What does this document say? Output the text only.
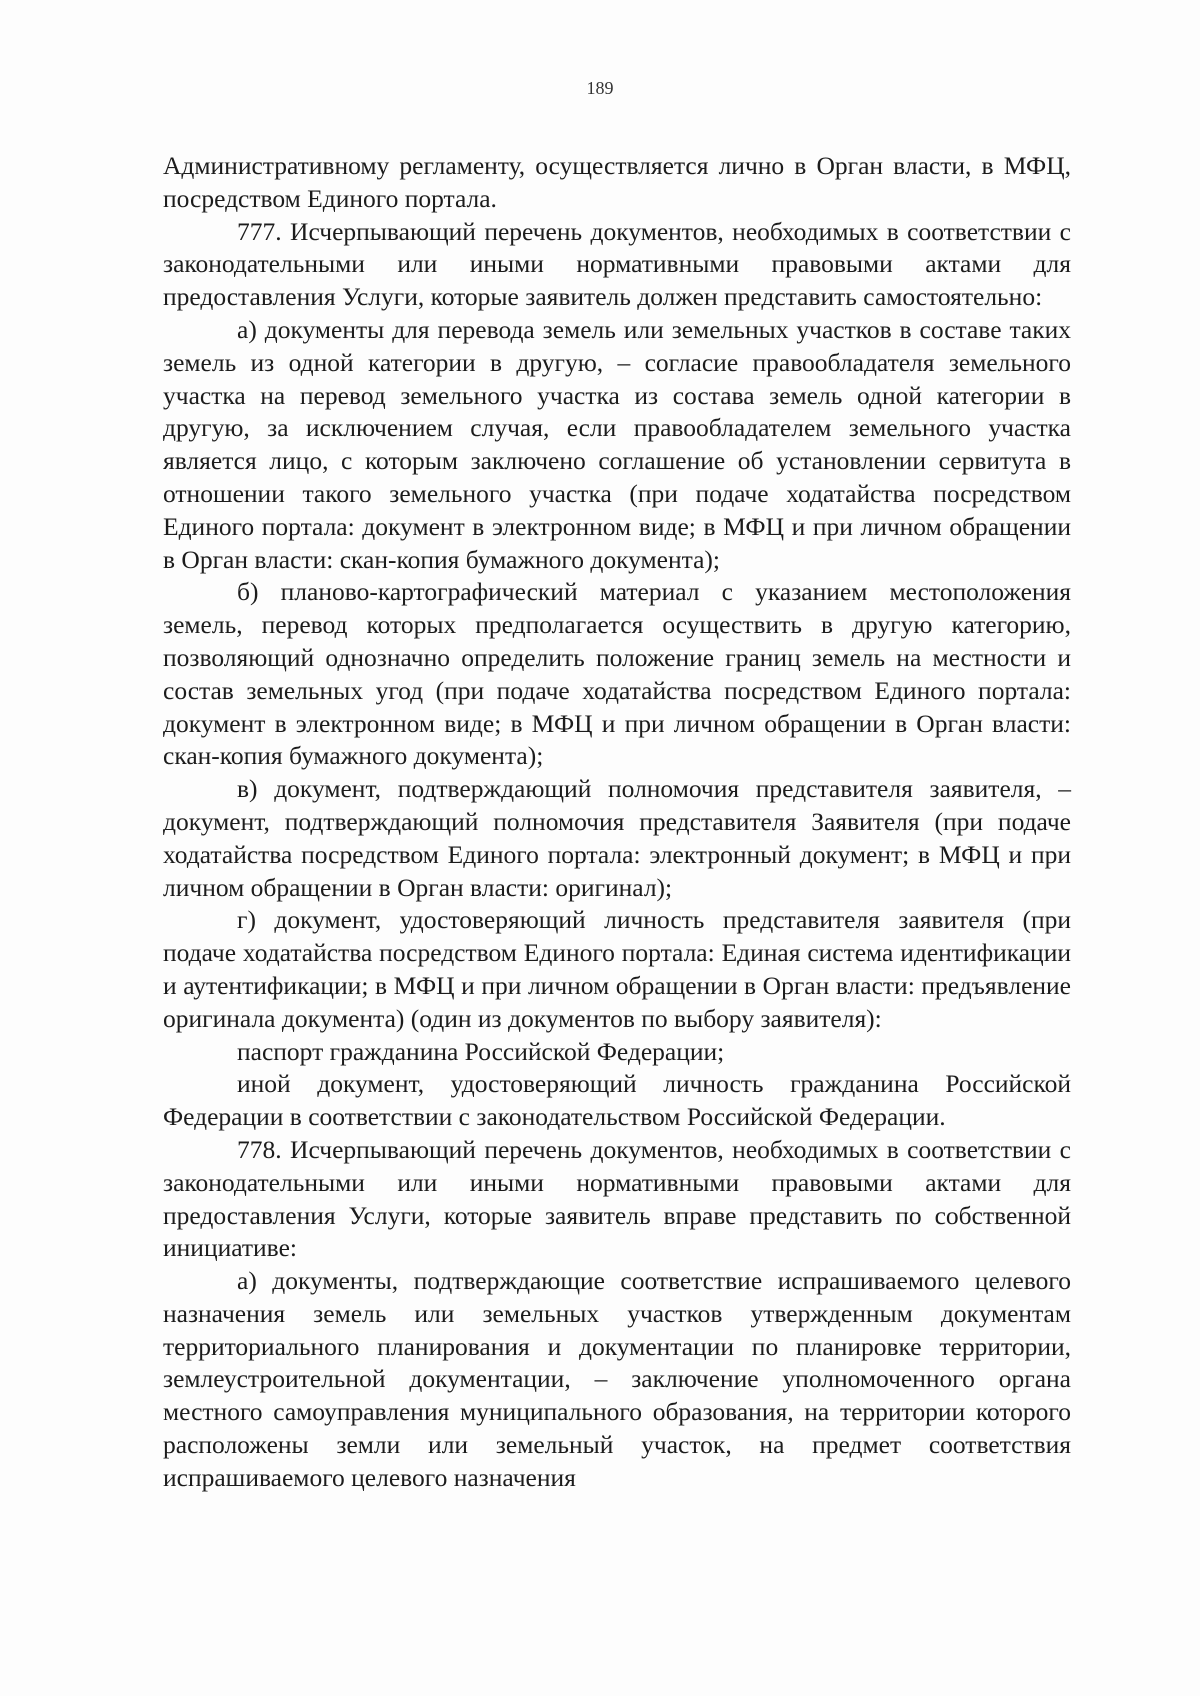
189

Административному регламенту, осуществляется лично в Орган власти, в МФЦ, посредством Единого портала.

777. Исчерпывающий перечень документов, необходимых в соответствии с законодательными или иными нормативными правовыми актами для предоставления Услуги, которые заявитель должен представить самостоятельно:

а) документы для перевода земель или земельных участков в составе таких земель из одной категории в другую, – согласие правообладателя земельного участка на перевод земельного участка из состава земель одной категории в другую, за исключением случая, если правообладателем земельного участка является лицо, с которым заключено соглашение об установлении сервитута в отношении такого земельного участка (при подаче ходатайства посредством Единого портала: документ в электронном виде; в МФЦ и при личном обращении в Орган власти: скан-копия бумажного документа);

б) планово-картографический материал с указанием местоположения земель, перевод которых предполагается осуществить в другую категорию, позволяющий однозначно определить положение границ земель на местности и состав земельных угод (при подаче ходатайства посредством Единого портала: документ в электронном виде; в МФЦ и при личном обращении в Орган власти: скан-копия бумажного документа);

в) документ, подтверждающий полномочия представителя заявителя, – документ, подтверждающий полномочия представителя Заявителя (при подаче ходатайства посредством Единого портала: электронный документ; в МФЦ и при личном обращении в Орган власти: оригинал);

г) документ, удостоверяющий личность представителя заявителя (при подаче ходатайства посредством Единого портала: Единая система идентификации и аутентификации; в МФЦ и при личном обращении в Орган власти: предъявление оригинала документа) (один из документов по выбору заявителя):

паспорт гражданина Российской Федерации;

иной документ, удостоверяющий личность гражданина Российской Федерации в соответствии с законодательством Российской Федерации.

778. Исчерпывающий перечень документов, необходимых в соответствии с законодательными или иными нормативными правовыми актами для предоставления Услуги, которые заявитель вправе представить по собственной инициативе:

а) документы, подтверждающие соответствие испрашиваемого целевого назначения земель или земельных участков утвержденным документам территориального планирования и документации по планировке территории, землеустроительной документации, – заключение уполномоченного органа местного самоуправления муниципального образования, на территории которого расположены земли или земельный участок, на предмет соответствия испрашиваемого целевого назначения
